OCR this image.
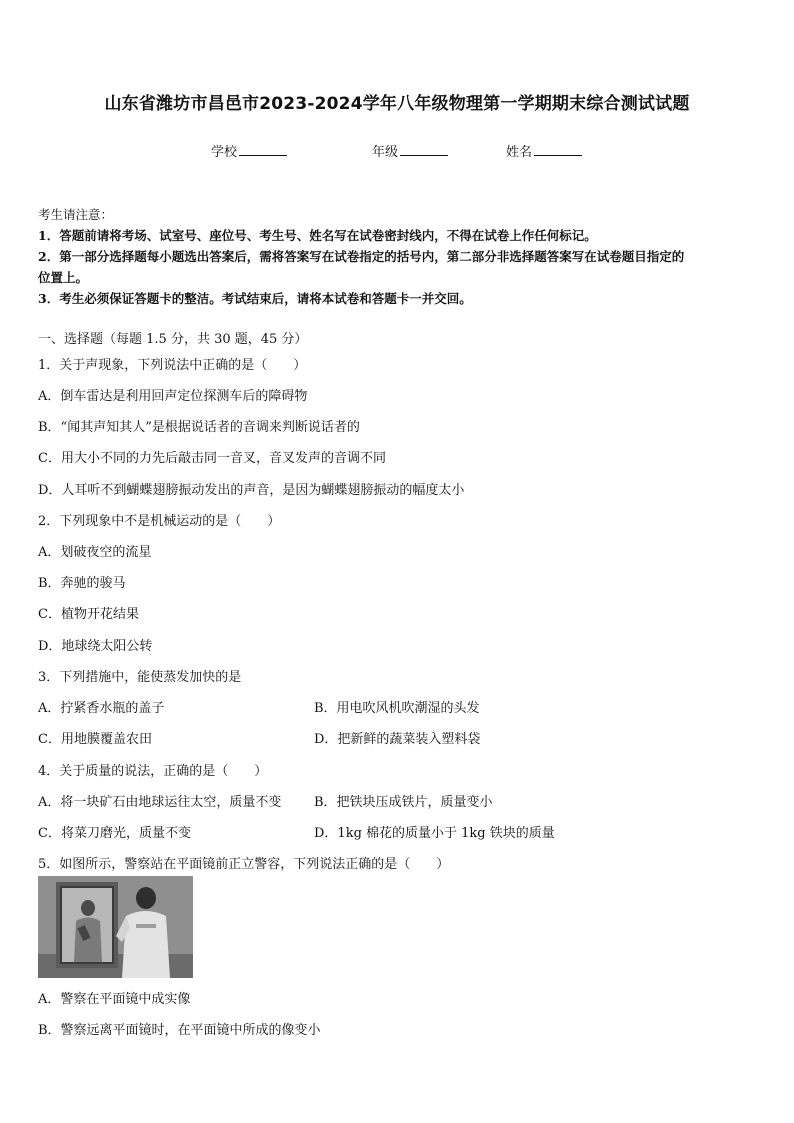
山东省潍坊市昌邑市2023-2024学年八年级物理第一学期期末综合测试试题
学校	年级	姓名
考生请注意：
1．答题前请将考场、试室号、座位号、考生号、姓名写在试卷密封线内，不得在试卷上作任何标记。
2．第一部分选择题每小题选出答案后，需将答案写在试卷指定的括号内，第二部分非选择题答案写在试卷题目指定的
位置上。
3．考生必须保证答题卡的整洁。考试结束后，请将本试卷和答题卡一并交回。
一、选择题（每题 1.5 分，共 30 题，45 分）
1．关于声现象，下列说法中正确的是（　　）
A．倒车雷达是利用回声定位探测车后的障碍物
B．“闻其声知其人”是根据说话者的音调来判断说话者的
C．用大小不同的力先后敲击同一音叉，音叉发声的音调不同
D．人耳听不到蝴蝶翅膀振动发出的声音，是因为蝴蝶翅膀振动的幅度太小
2．下列现象中不是机械运动的是（　　）
A．划破夜空的流星
B．奔驰的骏马
C．植物开花结果
D．地球绕太阳公转
3．下列措施中，能使蒸发加快的是
A．拧紧香水瓶的盖子	B．用电吹风机吹潮湿的头发
C．用地膜覆盖农田	D．把新鲜的蔬菜装入塑料袋
4．关于质量的说法，正确的是（　　）
A．将一块矿石由地球运往太空，质量不变	B．把铁块压成铁片，质量变小
C．将菜刀磨光，质量不变	D．1kg 棉花的质量小于 1kg 铁块的质量
5．如图所示，警察站在平面镜前正立警容，下列说法正确的是（　　）
A．警察在平面镜中成实像
B．警察远离平面镜时，在平面镜中所成的像变小
